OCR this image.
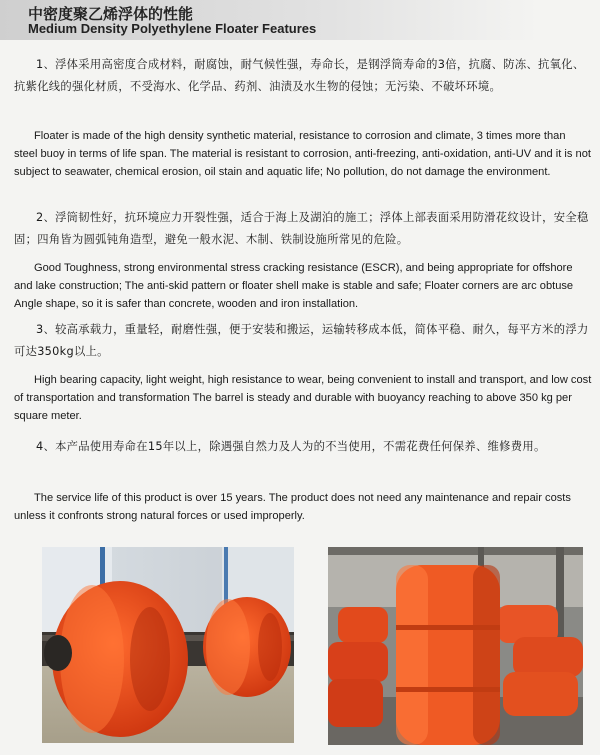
中密度聚乙烯浮体的性能
Medium Density Polyethylene Floater Features

1、浮体采用高密度合成材料，耐腐蚀，耐气候性强，寿命长，是钢浮筒寿命的3倍，抗腐、防冻、抗氧化、抗紫化线的强化材质，不受海水、化学品、药剂、油渍及水生物的侵蚀；无污染、不破坏环境。

Floater is made of the high density synthetic material, resistance to corrosion and climate, 3 times more than steel buoy in terms of life span. The material is resistant to corrosion, anti-freezing, anti-oxidation, anti-UV and it is not subject to seawater, chemical erosion, oil stain and aquatic life; No pollution, do not damage the environment.

2、浮筒韧性好，抗环境应力开裂性强，适合于海上及湖泊的施工；浮体上部表面采用防滑花纹设计，安全稳固；四角皆为圆弧钝角造型，避免一般水泥、木制、铁制设施所常见的危险。

Good Toughness, strong environmental stress cracking resistance (ESCR), and being appropriate for offshore and lake construction; The anti-skid pattern or floater shell make is stable and safe; Floater corners are arc obtuse Angle shape, so it is safer than concrete, wooden and iron installation.

3、较高承载力，重量轻，耐磨性强，便于安装和搬运，运输转移成本低，简体平稳、耐久，每平方米的浮力可达350kg以上。

High bearing capacity, light weight, high resistance to wear, being convenient to install and transport, and low cost of transportation and transformation The barrel is steady and durable with buoyancy reaching to above 350 kg per square meter.

4、本产品使用寿命在15年以上，除遇强自然力及人为的不当使用，不需花费任何保养、维修费用。

The service life of this product is over 15 years. The product does not need any maintenance and repair costs unless it confronts strong natural forces or used improperly.
